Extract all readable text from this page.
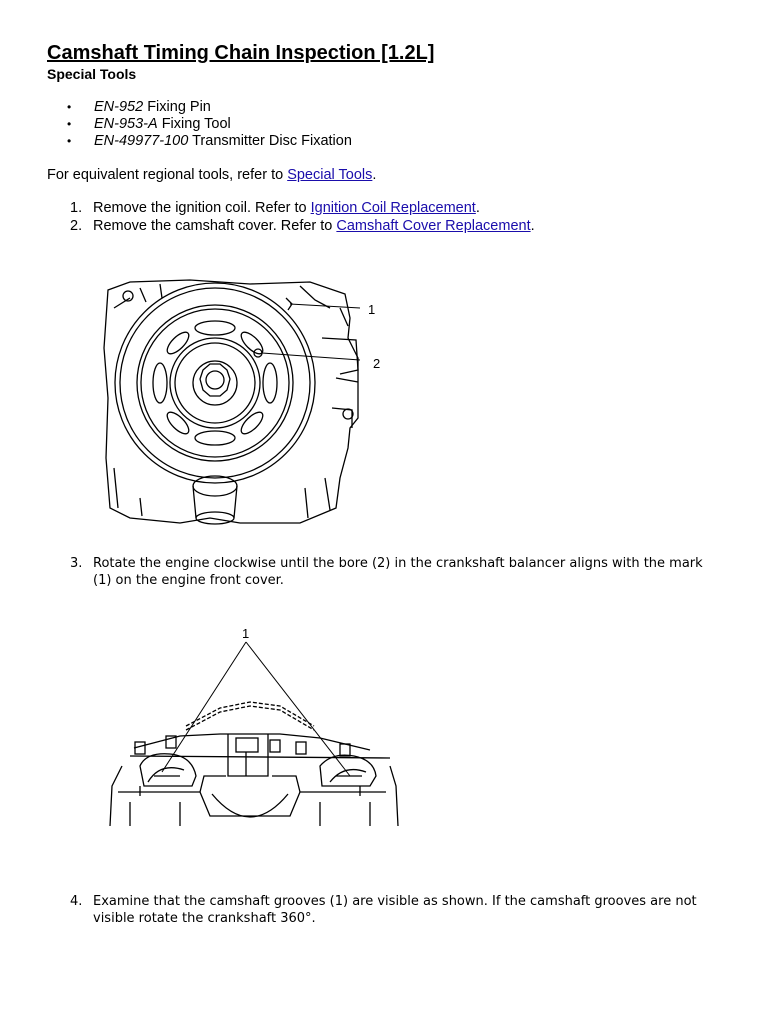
Camshaft Timing Chain Inspection [1.2L]
Special Tools
• EN-952 Fixing Pin
• EN-953-A Fixing Tool
• EN-49977-100 Transmitter Disc Fixation

For equivalent regional tools, refer to Special Tools.

1. Remove the ignition coil. Refer to Ignition Coil Replacement.
2. Remove the camshaft cover. Refer to Camshaft Cover Replacement.
1
2
3. Rotate the engine clockwise until the bore (2) in the crankshaft balancer aligns with the mark (1) on the engine front cover.
1
4. Examine that the camshaft grooves (1) are visible as shown. If the camshaft grooves are not visible rotate the crankshaft 360°.
